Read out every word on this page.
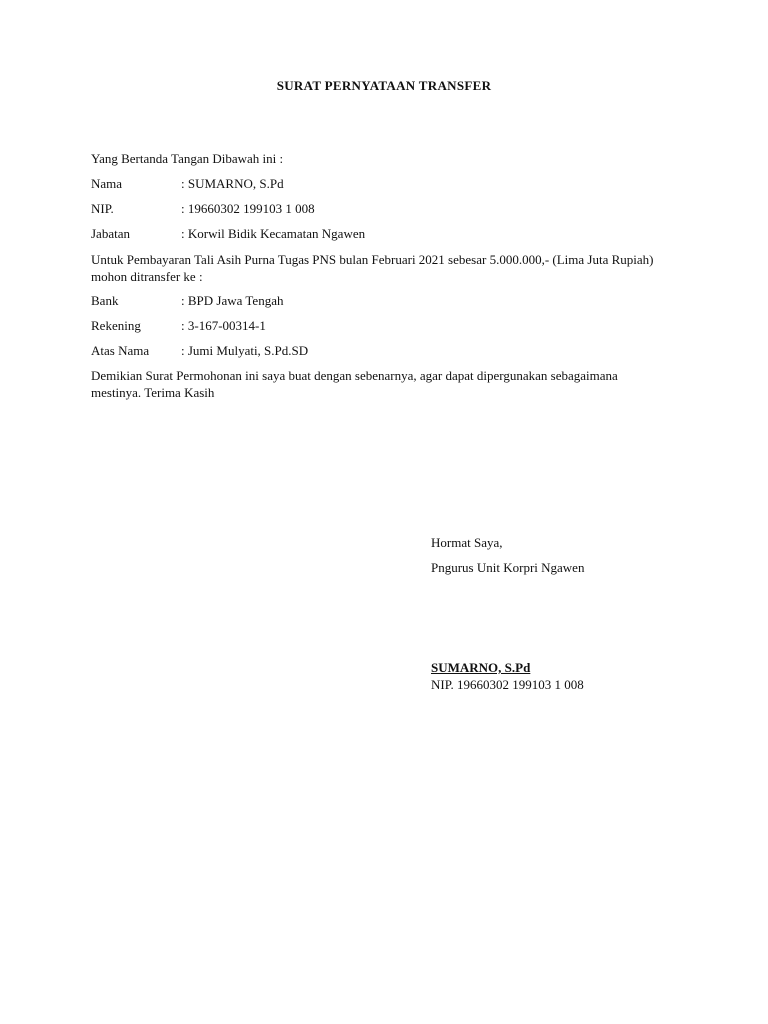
SURAT PERNYATAAN TRANSFER
Yang Bertanda Tangan Dibawah ini :
Nama	: SUMARNO, S.Pd
NIP.	: 19660302 199103 1 008
Jabatan	: Korwil Bidik Kecamatan Ngawen
Untuk Pembayaran Tali Asih Purna Tugas PNS bulan Februari 2021 sebesar 5.000.000,- (Lima Juta Rupiah) mohon ditransfer ke :
Bank	: BPD Jawa Tengah
Rekening	: 3-167-00314-1
Atas Nama : Jumi Mulyati, S.Pd.SD
Demikian Surat Permohonan ini saya buat dengan sebenarnya, agar dapat dipergunakan sebagaimana mestinya. Terima Kasih
Hormat Saya,
Pngurus Unit Korpri Ngawen
SUMARNO, S.Pd
NIP. 19660302 199103 1 008
